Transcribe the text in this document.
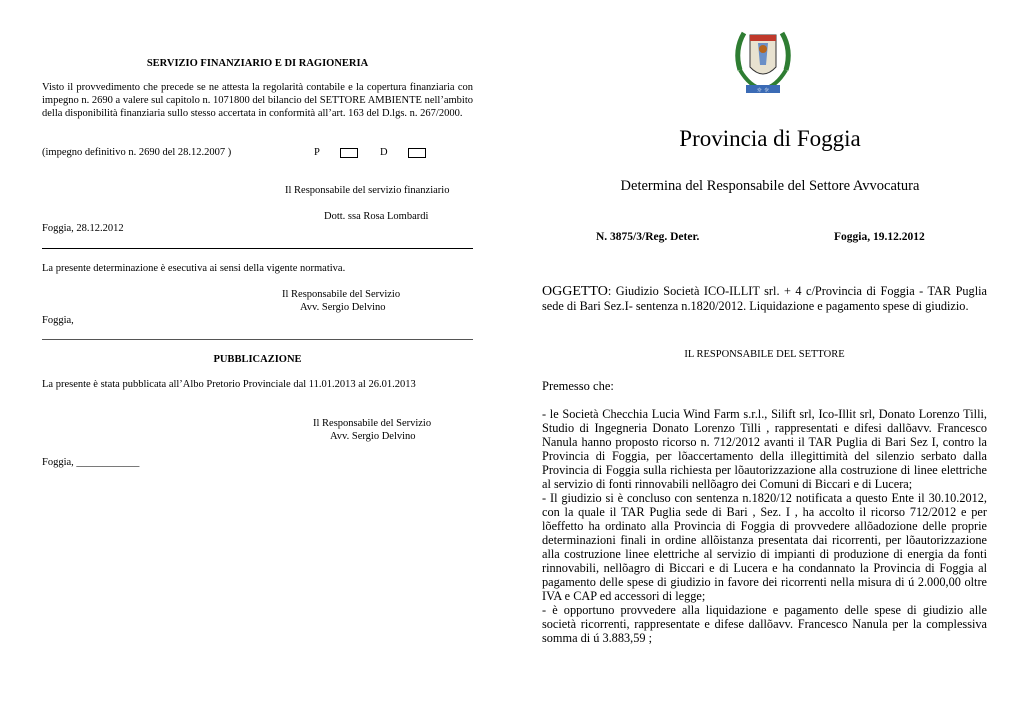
SERVIZIO FINANZIARIO E DI RAGIONERIA
Visto il provvedimento che precede se ne attesta la regolarità contabile e la copertura finanziaria con impegno n. 2690 a valere sul capitolo n. 1071800 del bilancio del SETTORE AMBIENTE nell’ambito della disponibilità finanziaria sullo stesso accertata in conformità all’art. 163 del D.lgs. n. 267/2000.
(impegno definitivo n. 2690 del 28.12.2007 )	P	D
Il Responsabile del servizio finanziario
Dott. ssa Rosa Lombardi
Foggia, 28.12.2012
La presente determinazione è esecutiva ai sensi della vigente normativa.
Il Responsabile del Servizio
Avv. Sergio Delvino
Foggia,
PUBBLICAZIONE
La presente è stata pubblicata all’Albo Pretorio Provinciale dal 11.01.2013 al 26.01.2013
Il Responsabile del Servizio
Avv. Sergio Delvino
Foggia, ____________
☼ ☼
Provincia di Foggia
Determina del Responsabile del Settore Avvocatura
N. 3875/3/Reg. Deter.	Foggia, 19.12.2012
OGGETTO: Giudizio Società ICO-ILLIT srl. + 4 c/Provincia di Foggia - TAR Puglia sede di Bari Sez.I- sentenza n.1820/2012. Liquidazione e pagamento spese di giudizio.
IL RESPONSABILE DEL SETTORE
Premesso che:

- le Società Checchia Lucia Wind Farm s.r.l., Silift srl, Ico-Illit srl, Donato Lorenzo Tilli, Studio di Ingegneria Donato Lorenzo Tilli , rappresentati e difesi dallõavv. Francesco Nanula hanno proposto ricorso n. 712/2012 avanti il TAR Puglia di Bari Sez I, contro la Provincia di Foggia, per lõaccertamento della illegittimità del silenzio serbato dalla Provincia di Foggia sulla richiesta per lõautorizzazione alla costruzione di linee elettriche al servizio di fonti rinnovabili nellõagro dei Comuni di Biccari e di Lucera;

- Il giudizio si è concluso con sentenza n.1820/12 notificata a questo Ente il 30.10.2012, con la quale il TAR Puglia sede di Bari , Sez. I , ha accolto il ricorso 712/2012 e per lõeffetto ha ordinato alla Provincia di Foggia di provvedere allõadozione delle proprie determinazioni finali in ordine allõistanza presentata dai ricorrenti, per lõautorizzazione alla costruzione linee elettriche al servizio di impianti di produzione di energia da fonti rinnovabili, nellõagro di Biccari e di Lucera e ha condannato la Provincia di Foggia al pagamento delle spese di giudizio in favore dei ricorrenti nella misura di ú 2.000,00 oltre IVA e CAP ed accessori di legge;

- è opportuno provvedere alla liquidazione e pagamento delle spese di giudizio alle società ricorrenti, rappresentate e difese dallõavv. Francesco Nanula per la complessiva somma di ú 3.883,59 ;
